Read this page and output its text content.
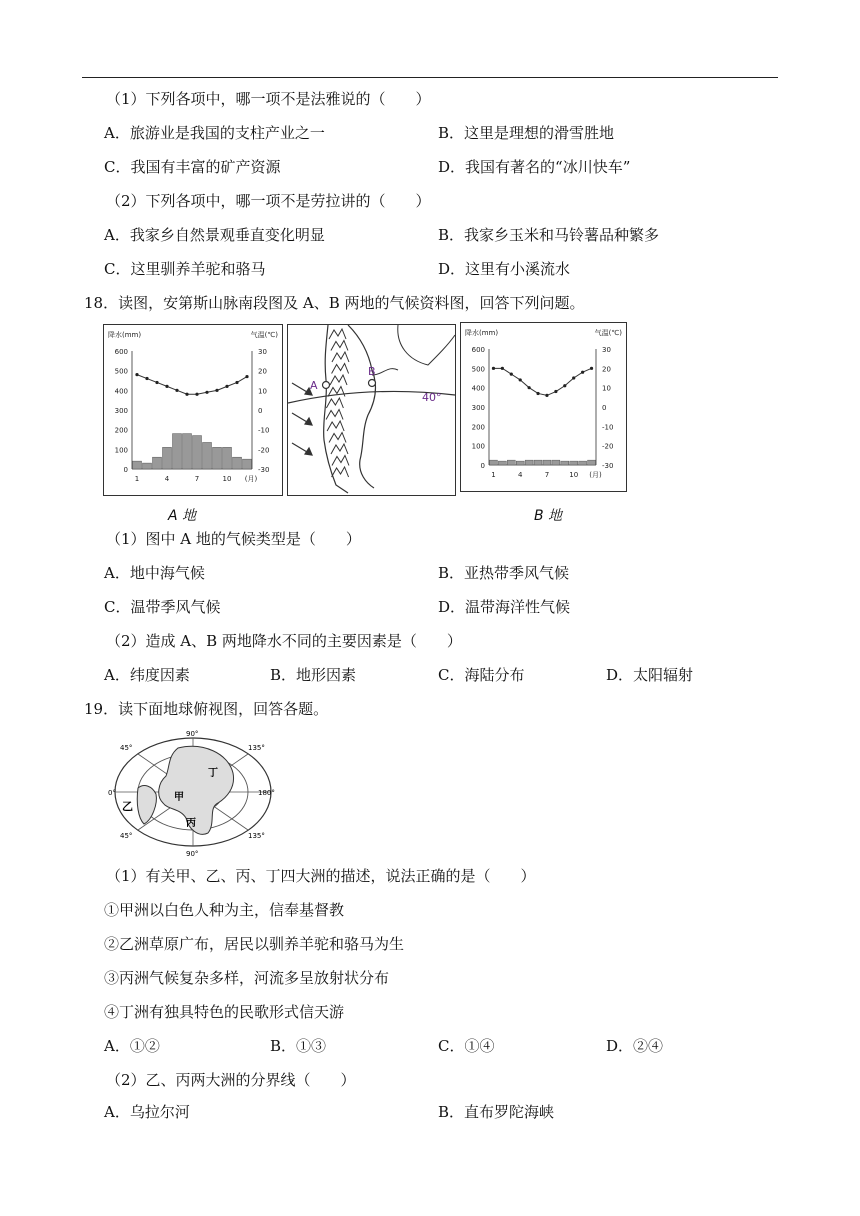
（1）下列各项中，哪一项不是法雅说的（　　）
A．旅游业是我国的支柱产业之一	B．这里是理想的滑雪胜地
C．我国有丰富的矿产资源	D．我国有著名的“冰川快车”
（2）下列各项中，哪一项不是劳拉讲的（　　）
A．我家乡自然景观垂直变化明显	B．我家乡玉米和马铃薯品种繁多
C．这里驯养羊驼和骆马	D．这里有小溪流水
18．读图，安第斯山脉南段图及 A、B 两地的气候资料图，回答下列问题。
降水(mm)	气温(℃)
600
500
400
300
200
100
0
30
20
10
0
-10
-20
-30
1	4	7	10 (月)
A 地
40°
A
B
降水(mm)	气温(℃)
600
500
400
300
200
100
0
30
20
10
0
-10
-20
-30
1	4	7	10 (月)
B 地
（1）图中 A 地的气候类型是（　　）
A．地中海气候	B．亚热带季风气候
C．温带季风气候	D．温带海洋性气候
（2）造成 A、B 两地降水不同的主要因素是（　　）
A．纬度因素	B．地形因素	C．海陆分布	D．太阳辐射
19．读下面地球俯视图，回答各题。
90°
45°	135°
0°	180°
45°	135°
90°
甲
乙
丙
丁
（1）有关甲、乙、丙、丁四大洲的描述，说法正确的是（　　）
①甲洲以白色人种为主，信奉基督教
②乙洲草原广布，居民以驯养羊驼和骆马为生
③丙洲气候复杂多样，河流多呈放射状分布
④丁洲有独具特色的民歌形式信天游
A．①②	B．①③	C．①④	D．②④
（2）乙、丙两大洲的分界线（　　）
A．乌拉尔河	B．直布罗陀海峡
